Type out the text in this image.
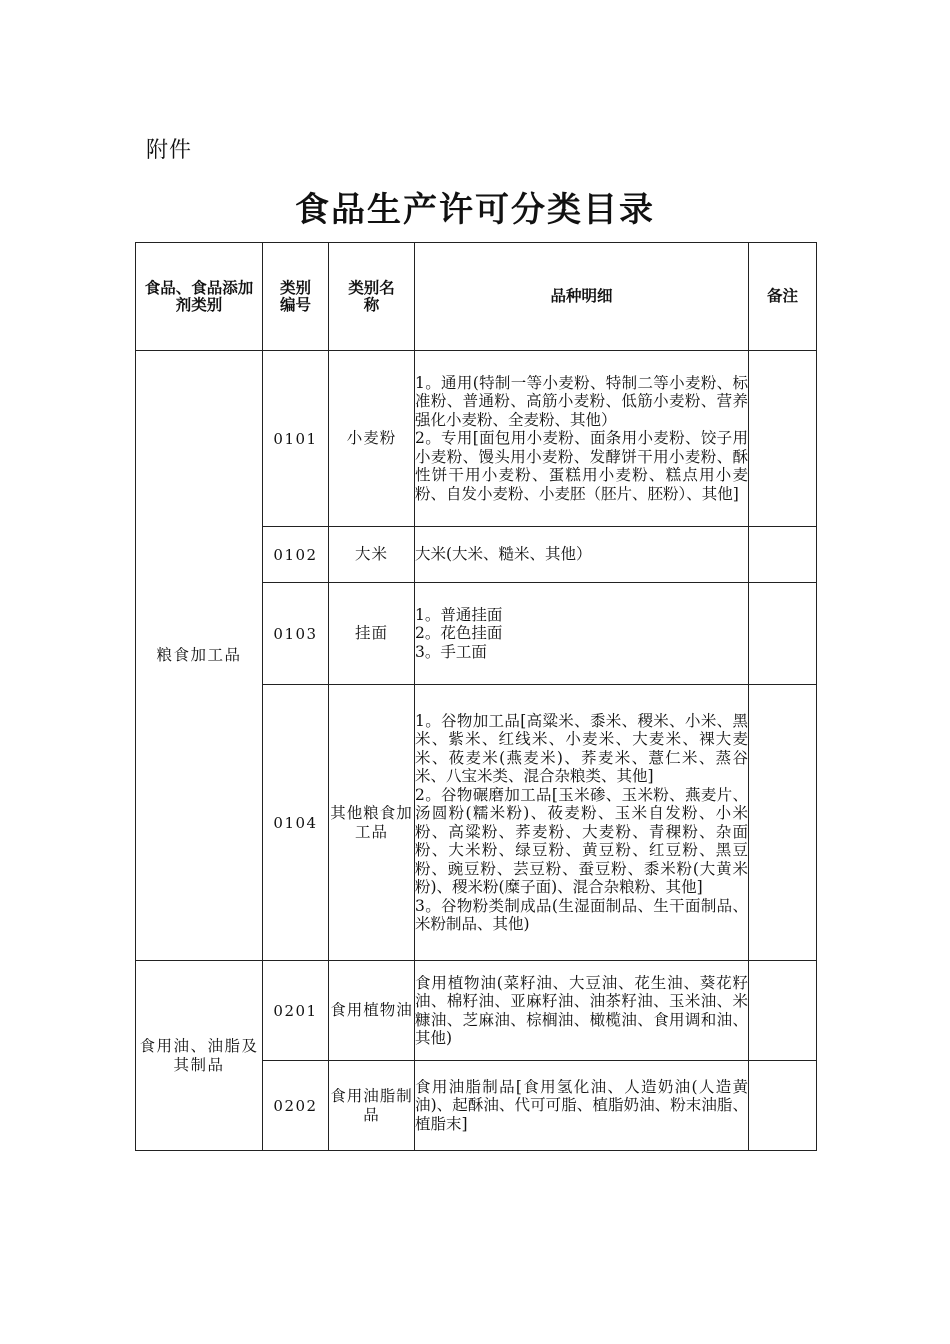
附件
食品生产许可分类目录
食品、食品添加剂类别	类别编号	类别名称	品种明细	备注

粮食加工品	0101	小麦粉	1。通用(特制一等小麦粉、特制二等小麦粉、标准粉、普通粉、高筋小麦粉、低筋小麦粉、营养强化小麦粉、全麦粉、其他）
2。专用[面包用小麦粉、面条用小麦粉、饺子用小麦粉、馒头用小麦粉、发酵饼干用小麦粉、酥性饼干用小麦粉、蛋糕用小麦粉、糕点用小麦粉、自发小麦粉、小麦胚（胚片、胚粉）、其他]	

	0102	大米	大米(大米、糙米、其他）	

	0103	挂面	1。普通挂面
2。花色挂面
3。手工面	

	0104	其他粮食加工品	1。谷物加工品[高粱米、黍米、稷米、小米、黑米、紫米、红线米、小麦米、大麦米、裸大麦米、莜麦米(燕麦米)、荞麦米、薏仁米、蒸谷米、八宝米类、混合杂粮类、其他]
2。谷物碾磨加工品[玉米碜、玉米粉、燕麦片、汤圆粉(糯米粉)、莜麦粉、玉米自发粉、小米粉、高粱粉、荞麦粉、大麦粉、青稞粉、杂面粉、大米粉、绿豆粉、黄豆粉、红豆粉、黑豆粉、豌豆粉、芸豆粉、蚕豆粉、黍米粉(大黄米粉)、稷米粉(糜子面)、混合杂粮粉、其他]
3。谷物粉类制成品(生湿面制品、生干面制品、米粉制品、其他)	

食用油、油脂及其制品	0201	食用植物油	食用植物油(菜籽油、大豆油、花生油、葵花籽油、棉籽油、亚麻籽油、油茶籽油、玉米油、米糠油、芝麻油、棕榈油、橄榄油、食用调和油、其他)	

	0202	食用油脂制品	食用油脂制品[食用氢化油、人造奶油(人造黄油)、起酥油、代可可脂、植脂奶油、粉末油脂、植脂末]	
